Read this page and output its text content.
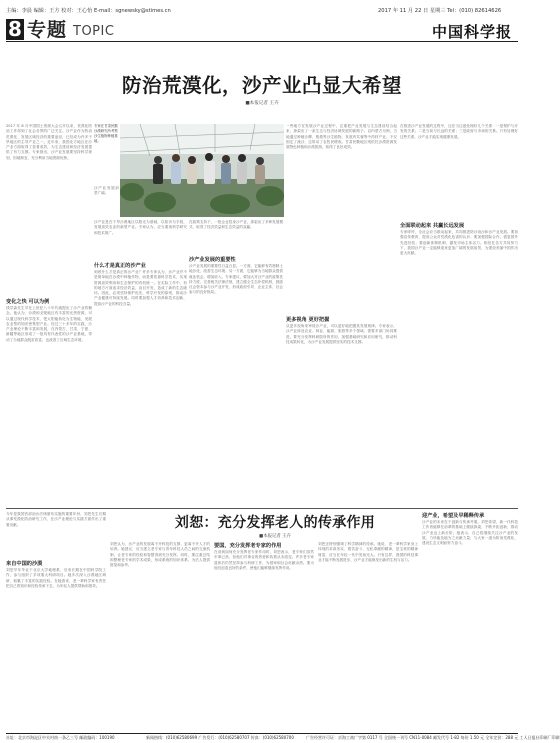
主编：李晨 编辑：王方 校对：王心怡 E-mail：sgnewsky@stimes.cn	2017 年 11 月 22 日 星期三 Tel：(010) 82614626
8 专题 TOPIC	中国科学报
防治荒漠化，沙产业凸显大希望
■本报记者 王卉
专家在甘肃民勤沙漠研究所考察沙生植物种植基地。
2017 年 8 月中国国土资源大会召开以来，荒漠化防治工作得到了社会各界的广泛关注。沙产业作为防治荒漠化、发展区域经济的重要途径，已经成为许多干旱地区的主导产业之一。近年来，我国北方地区在沙产业方面取得了显著成效，为生态建设和经济发展提供了有力支撑。专家指出，沙产业发展要坚持科学规划，因地制宜，充分利用当地资源优势。
变化之快 可以为例
钱学森先生早在上世纪八十年代就提出了沙产业的概念。他认为，沙漠和戈壁地区有丰富的光热资源，可以通过现代科学技术，把太阳能转化为生物能，发展农业型的知识密集型产业。经过三十多年的实践，沙产业理论不断丰富和发展，在内蒙古、甘肃、宁夏、新疆等地区形成了一批具有代表性的沙产业基地，带动了当地群众脱贫致富，也改善了区域生态环境。
沙产业发展前景广阔。
沙产业是在干旱沙漠地区以阳光为基础，以知识为手段，发展高效农业的新型产业。专家认为，应当重视科学研究和技术推广。
什么才是真正的沙产业
到底什么才是真正的沙产业？许多专家认为，沙产业并不是简单地在沙漠中种植作物，而是要依靠科学技术，实现资源高效利用和生态保护的有机统一。在实际工作中，有的地方片面追求经济效益，盲目开发，造成了新的生态破坏。因此，必须坚持保护优先、科学开发的原则，推动沙产业健康可持续发展。同时要加强人才培养和技术创新，提高沙产业的科技含量。
在政策支持下，一批企业投身沙产业，探索出了多种发展模式，取得了经济效益和生态效益的双赢。
沙产业发展的重要性
沙产业发展的重要性日益凸显。一方面，它能够有效遏制土地沙化，改善生态环境；另一方面，它能够为当地群众提供就业机会，增加收入。专家建议，要加大对沙产业的政策扶持力度，完善相关法律法规，建立健全生态补偿机制，鼓励社会资本参与沙产业开发，形成政府引导、企业主体、社会参与的良好格局。
一些地方在发展沙产业过程中，注重把产业发展与生态建设结合起来，探索出了一条生态与经济协调发展的新路子。以内蒙古为例，当地通过种植沙柳、梭梭等沙生植物，发展肉苁蓉等中药材产业，不仅固定了流沙，还带动了农牧民增收。甘肃民勤地区则依托沙漠资源发展特色种植和沙漠旅游，取得了良好成效。
更多视角 更好把握
从更多视角来审视沙产业，可以更好地把握其发展规律。专家表示，沙产业涉及农业、林业、能源、旅游等多个领域，需要多部门协同推进。要充分发挥科研院所的作用，加强基础研究和应用研究，推动科技成果转化，为沙产业发展提供坚实的技术支撑。
在推进沙产业发展的过程中，还应当注意处理好几个关系：一是保护与开发的关系；二是当前与长远的关系；三是政府与市场的关系。只有处理好这些关系，沙产业才能实现健康发展。
全面联动起来 共赢长远发展
专家呼吁，全社会应当联动起来，共同推进防沙治沙和沙产业发展。要加强宣传教育，提高公众对荒漠化危害的认识；要加强国际合作，借鉴国外先进经验；要创新体制机制，激发市场主体活力。相信在各方共同努力下，我国沙产业一定能够迎来更加广阔的发展前景，为建设美丽中国作出更大贡献。
刘恕：充分发挥老人的传承作用
■本报记者 王卉
今年是我国首部治沙法律颁布实施的重要年份，刘恕先生长期从事荒漠化防治研究工作，在沙产业理论与实践方面作出了重要贡献。
来自中国的沙漠
刘恕早年毕业于北京大学地理系，后来长期在中国科学院工作，参与组织了多项重大科研项目。她多次深入沙漠地区调研，积累了丰富的实践经验。在她看来，老一辈科学家有责任把自己的知识和经验传承下去，为年轻人提供帮助和指导。
刘恕认为，沙产业的发展离不开科技的支撑，更离不开人才的培养。她建议，应当建立老专家与青年科技人员之间的交流机制，让老专家的经验和智慧得到充分发挥。同时，要注重总结和整理老专家的学术成果，形成系统的知识体系，为后人提供借鉴和参考。
要国，充分发挥老专家的作用
在谈到如何充分发挥老专家作用时，刘恕表示，老专家们虽然年事已高，但他们对事业的热爱和执着从未改变。许多老专家退休后仍然坚持参与科研工作，为国家和社会贡献余热。要为他们创造良好的条件，使他们能够继续发挥作用。
刘恕还特别强调了科学精神的传承。她说，老一辈科学家身上体现的求真务实、艰苦奋斗、无私奉献的精神，是宝贵的精神财富，应当在年轻一代中发扬光大。只有这样，我国的科技事业才能不断发展进步，沙产业才能焕发出新的生机与活力。
迎产业，希望及早稀释传承
沙产业的未来在于创新与传承并重。刘恕希望，新一代科技工作者能够在前辈的基础上继续探索，不断开拓创新，推动沙产业迈上新台阶。她表示，自己将继续关注沙产业的发展，力所能及地为之贡献力量，与大家一道为防治荒漠化、建设生态文明而努力奋斗。
社址：北京市海淀区中关村南一条乙三号 邮政编码：100190	新闻热线：(010)62580699 广告发行：(010)62580707 传真：(010)62580700	广告经营许可证：京海工商广字第 0117 号 全国统一刊号 CN11-0084 邮发代号 1-82 每份 1.50 元 全年定价：288 元 工人日报社印刷厂印刷
